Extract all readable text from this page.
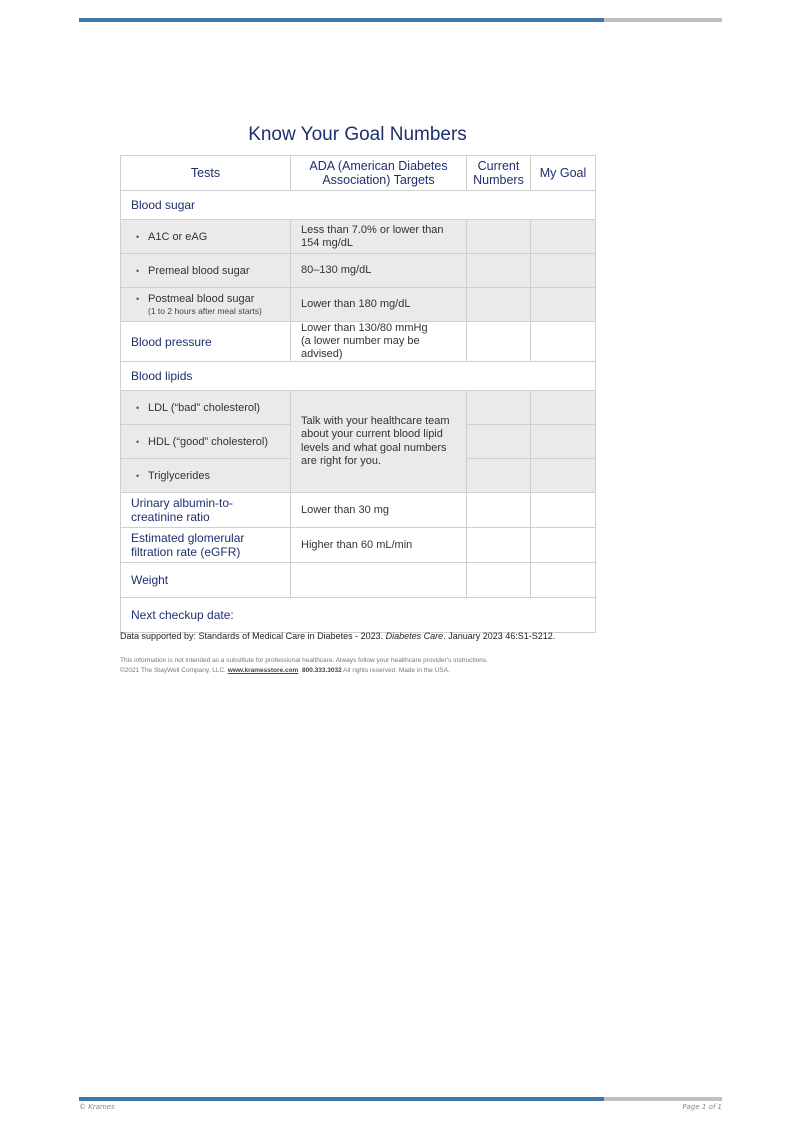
Know Your Goal Numbers
Tests	ADA (American Diabetes Association) Targets	Current Numbers	My Goal
Blood sugar			
• A1C or eAG	Less than 7.0% or lower than 154 mg/dL		
• Premeal blood sugar	80–130 mg/dL		
• Postmeal blood sugar
(1 to 2 hours after meal starts)	Lower than 180 mg/dL		
Blood pressure	Lower than 130/80 mmHg
(a lower number may be advised)		

Blood lipids			
• LDL (“bad” cholesterol)	Talk with your healthcare team about your current blood lipid levels and what goal numbers are right for you.		
• HDL (“good” cholesterol)			
• Triglycerides			
Urinary albumin-to-creatinine ratio	Lower than 30 mg		
Estimated glomerular filtration rate (eGFR)	Higher than 60 mL/min		
Weight			
Next checkup date:			
Data supported by: Standards of Medical Care in Diabetes - 2023. Diabetes Care. January 2023 46:S1-S212.
This information is not intended as a substitute for professional healthcare. Always follow your healthcare provider’s instructions.
©2021 The StayWell Company, LLC. www.kramesstore.com 800.333.3032 All rights reserved. Made in the USA.
© Krames	Page 1 of 1
